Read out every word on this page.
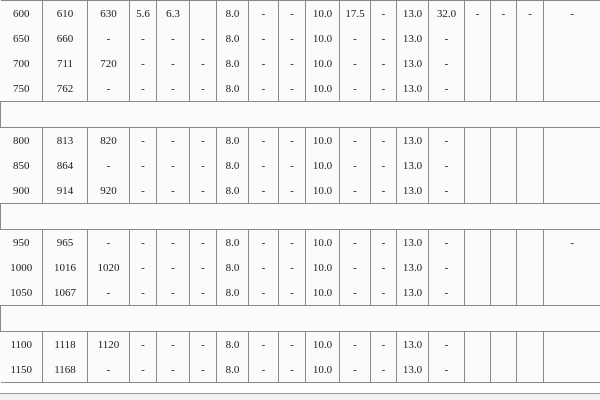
600	610	630	5.6	6.3		8.0	-	-	10.0	17.5	-	13.0	32.0	-	-	-	-
650	660	-	-	-	-	8.0	-	-	10.0	-	-	13.0	-				
700	711	720	-	-	-	8.0	-	-	10.0	-	-	13.0	-				
750	762	-	-	-	-	8.0	-	-	10.0	-	-	13.0	-				

800	813	820	-	-	-	8.0	-	-	10.0	-	-	13.0	-				
850	864	-	-	-	-	8.0	-	-	10.0	-	-	13.0	-				
900	914	920	-	-	-	8.0	-	-	10.0	-	-	13.0	-				

950	965	-	-	-	-	8.0	-	-	10.0	-	-	13.0	-				-
1000	1016	1020	-	-	-	8.0	-	-	10.0	-	-	13.0	-				
1050	1067	-	-	-	-	8.0	-	-	10.0	-	-	13.0	-				

1100	1118	1120	-	-	-	8.0	-	-	10.0	-	-	13.0	-				
1150	1168	-	-	-	-	8.0	-	-	10.0	-	-	13.0	-				
